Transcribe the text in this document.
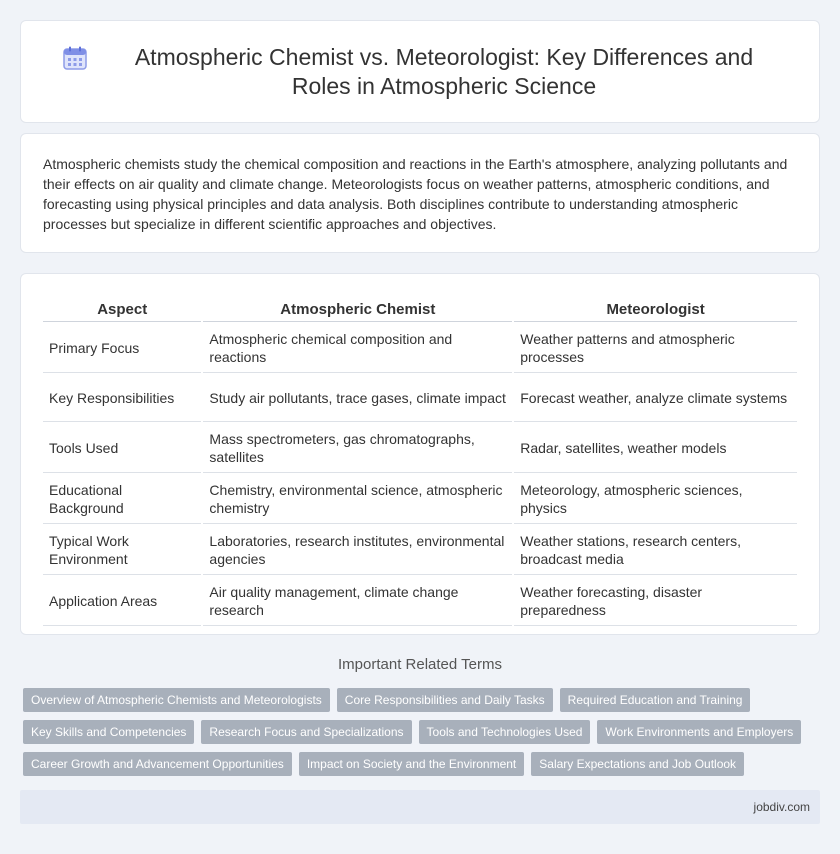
Atmospheric Chemist vs. Meteorologist: Key Differences and Roles in Atmospheric Science

Atmospheric chemists study the chemical composition and reactions in the Earth's atmosphere, analyzing pollutants and their effects on air quality and climate change. Meteorologists focus on weather patterns, atmospheric conditions, and forecasting using physical principles and data analysis. Both disciplines contribute to understanding atmospheric processes but specialize in different scientific approaches and objectives.

Aspect	Atmospheric Chemist	Meteorologist
Primary Focus	Atmospheric chemical composition and reactions	Weather patterns and atmospheric processes
Key Responsibilities	Study air pollutants, trace gases, climate impact	Forecast weather, analyze climate systems
Tools Used	Mass spectrometers, gas chromatographs, satellites	Radar, satellites, weather models
Educational Background	Chemistry, environmental science, atmospheric chemistry	Meteorology, atmospheric sciences, physics
Typical Work Environment	Laboratories, research institutes, environmental agencies	Weather stations, research centers, broadcast media
Application Areas	Air quality management, climate change research	Weather forecasting, disaster preparedness
Important Related Terms
Overview of Atmospheric Chemists and Meteorologists	Core Responsibilities and Daily Tasks	Required Education and Training
Key Skills and Competencies	Research Focus and Specializations	Tools and Technologies Used	Work Environments and Employers
Career Growth and Advancement Opportunities	Impact on Society and the Environment	Salary Expectations and Job Outlook
jobdiv.com
